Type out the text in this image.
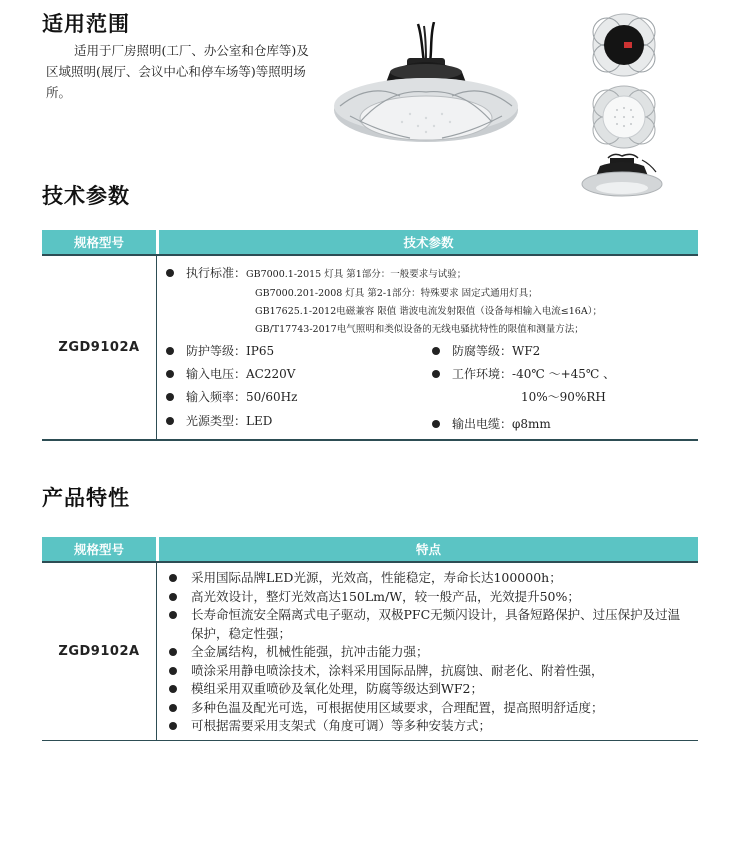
适用范围

适用于厂房照明(工厂、办公室和仓库等)及区域照明(展厅、会议中心和停车场等)等照明场所。

技术参数
规格型号	技术参数
ZGD9102A
执行标准： GB7000.1-2015 灯具 第1部分：一般要求与试验；
GB7000.201-2008 灯具 第2-1部分：特殊要求 固定式通用灯具；
GB17625.1-2012电磁兼容 限值 谐波电流发射限值（设备每相输入电流≤16A）；
GB/T17743-2017电气照明和类似设备的无线电骚扰特性的限值和测量方法；
防护等级： IP65
输入电压： AC220V
输入频率： 50/60Hz
光源类型： LED
防腐等级： WF2
工作环境： -40℃ ～+45℃ 、
10%～90%RH
输出电缆： φ8mm
产品特性
规格型号	特点
ZGD9102A
采用国际品牌LED光源，光效高，性能稳定，寿命长达100000h；
高光效设计，整灯光效高达150Lm/W，较一般产品，光效提升50%；
长寿命恒流安全隔离式电子驱动，双极PFC无频闪设计，具备短路保护、过压保护及过温保护，稳定性强；
全金属结构，机械性能强，抗冲击能力强；
喷涂采用静电喷涂技术，涂料采用国际品牌，抗腐蚀、耐老化、附着性强，
模组采用双重喷砂及氧化处理，防腐等级达到WF2；
多种色温及配光可选，可根据使用区域要求，合理配置，提高照明舒适度；
可根据需要采用支架式（角度可调）等多种安装方式；
